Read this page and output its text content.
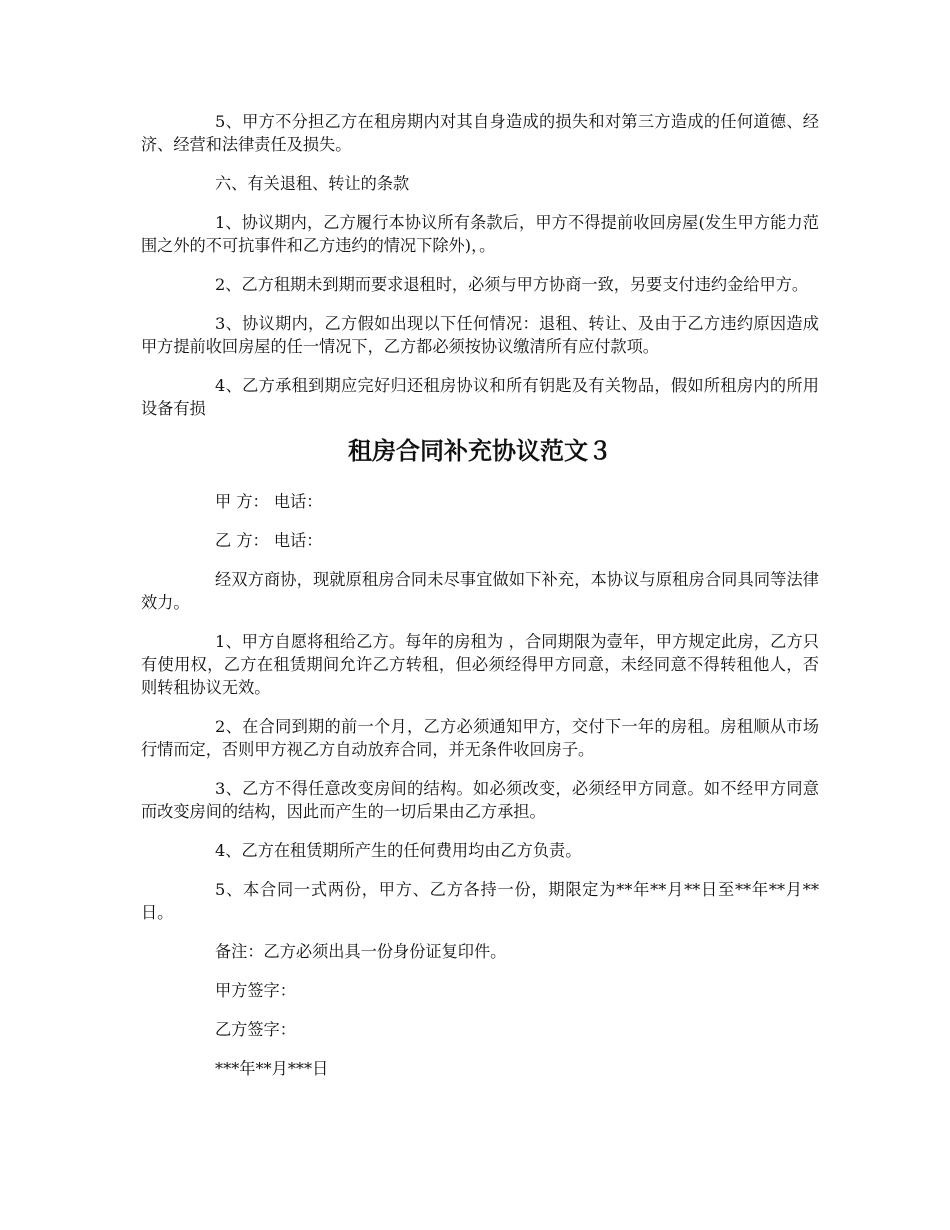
5、甲方不分担乙方在租房期内对其自身造成的损失和对第三方造成的任何道德、经济、经营和法律责任及损失。

六、有关退租、转让的条款

1、协议期内，乙方履行本协议所有条款后，甲方不得提前收回房屋(发生甲方能力范围之外的不可抗事件和乙方违约的情况下除外)，。

2、乙方租期未到期而要求退租时，必须与甲方协商一致，另要支付违约金给甲方。

3、协议期内，乙方假如出现以下任何情况：退租、转让、及由于乙方违约原因造成甲方提前收回房屋的任一情况下，乙方都必须按协议缴清所有应付款项。

4、乙方承租到期应完好归还租房协议和所有钥匙及有关物品，假如所租房内的所用设备有损

租房合同补充协议范文３

甲 方： 电话：

乙 方： 电话：

经双方商协，现就原租房合同未尽事宜做如下补充，本协议与原租房合同具同等法律效力。

1、甲方自愿将租给乙方。每年的房租为 ，合同期限为壹年，甲方规定此房，乙方只有使用权，乙方在租赁期间允许乙方转租，但必须经得甲方同意，未经同意不得转租他人，否则转租协议无效。

2、在合同到期的前一个月，乙方必须通知甲方，交付下一年的房租。房租顺从市场行情而定，否则甲方视乙方自动放弃合同，并无条件收回房子。

3、乙方不得任意改变房间的结构。如必须改变，必须经甲方同意。如不经甲方同意而改变房间的结构，因此而产生的一切后果由乙方承担。

4、乙方在租赁期所产生的任何费用均由乙方负责。

5、本合同一式两份，甲方、乙方各持一份，期限定为**年**月**日至**年**月**日。

备注：乙方必须出具一份身份证复印件。

甲方签字：

乙方签字：

***年**月***日
